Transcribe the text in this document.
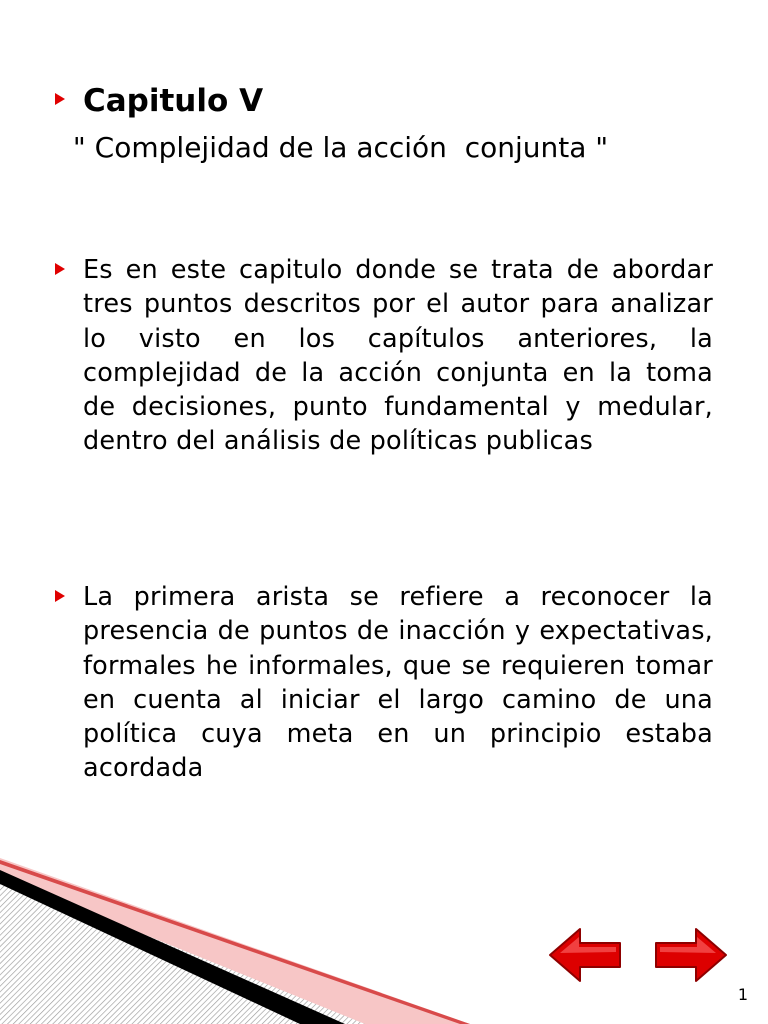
Capitulo V

" Complejidad de la acción  conjunta "

Es en este capitulo donde se trata de abordar tres puntos descritos por el autor para analizar lo visto en los capítulos anteriores, la complejidad de la acción conjunta en la toma de decisiones, punto fundamental y medular, dentro del análisis de políticas publicas

La primera arista se refiere a reconocer la presencia de puntos de inacción y expectativas, formales he informales, que se requieren tomar en cuenta al iniciar el largo camino de una política cuya meta en un principio estaba acordada

1
